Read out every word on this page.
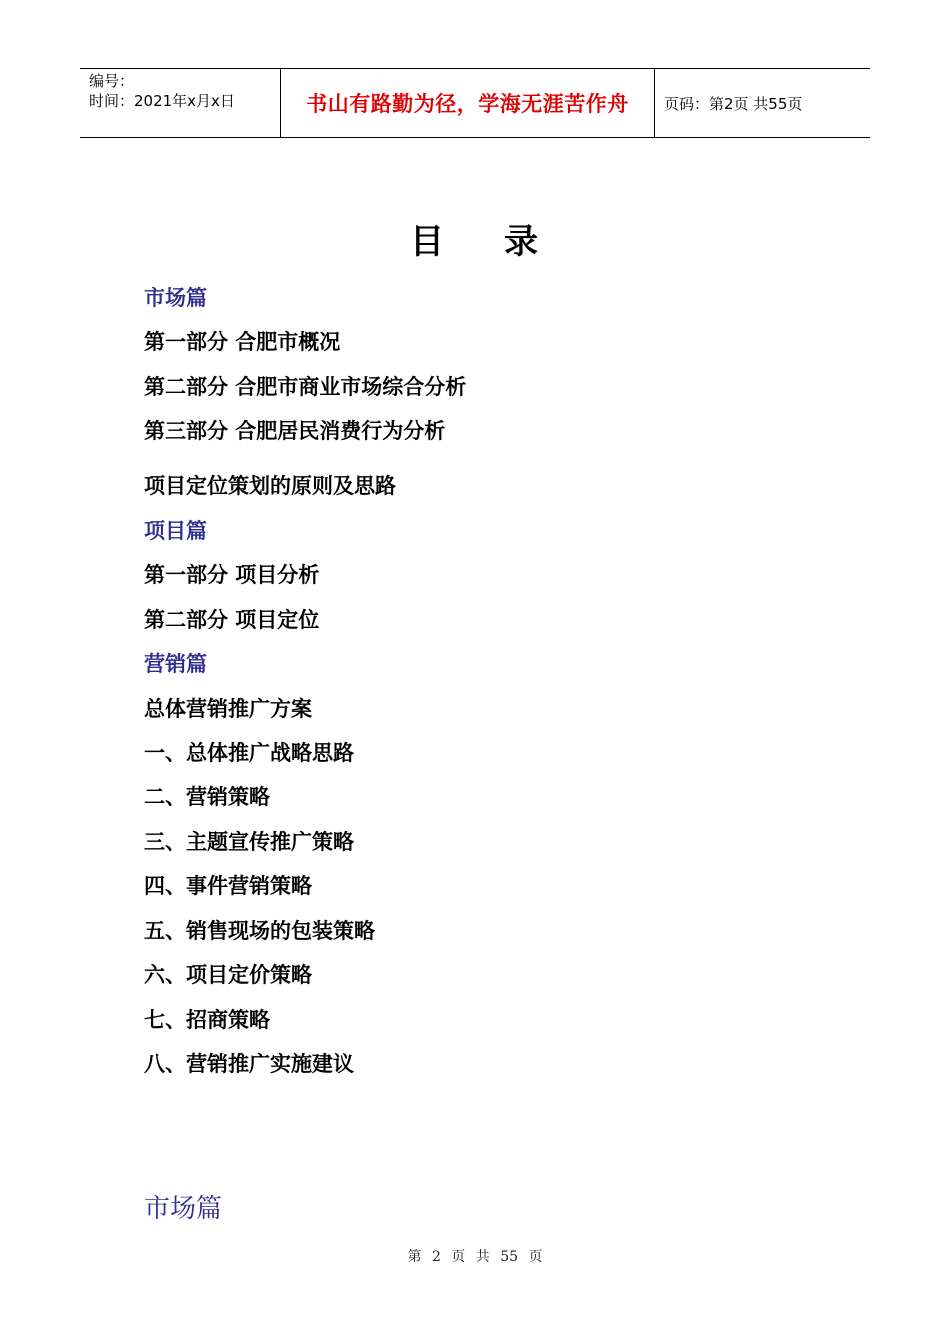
编号：
时间：2021年x月x日	书山有路勤为径，学海无涯苦作舟	页码：第2页 共55页
目 录
市场篇
第一部分 合肥市概况
第二部分 合肥市商业市场综合分析
第三部分 合肥居民消费行为分析
项目定位策划的原则及思路
项目篇
第一部分 项目分析
第二部分 项目定位
营销篇
总体营销推广方案
一、总体推广战略思路
二、营销策略
三、主题宣传推广策略
四、事件营销策略
五、销售现场的包装策略
六、项目定价策略
七、招商策略
八、营销推广实施建议
市场篇
第 2 页 共 55 页
